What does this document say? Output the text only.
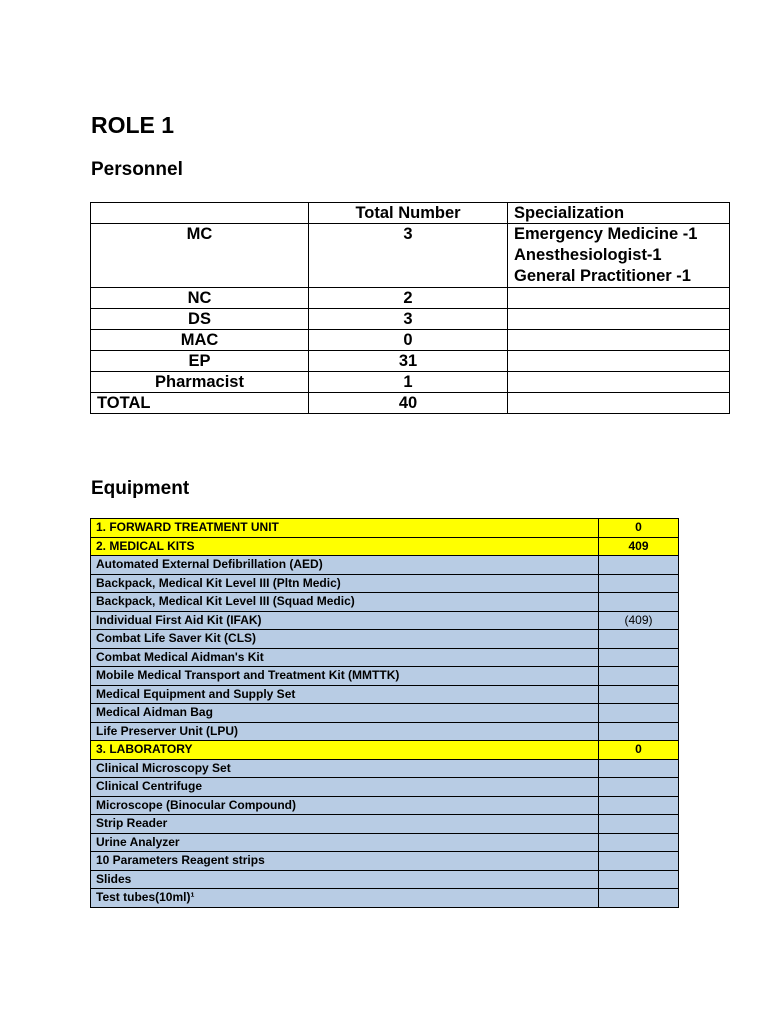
ROLE 1
Personnel
	Total Number	Specialization
MC	3	Emergency Medicine -1
Anesthesiologist-1
General Practitioner -1

NC	2	
DS	3	
MAC	0	
EP	31	
Pharmacist	1	
TOTAL	40	
Equipment
1. FORWARD TREATMENT UNIT	0
2. MEDICAL KITS	409
Automated External Defibrillation (AED)	
Backpack, Medical Kit Level III (Pltn Medic)	
Backpack, Medical Kit Level III (Squad Medic)	
Individual First Aid Kit (IFAK)	(409)
Combat Life Saver Kit (CLS)	
Combat Medical Aidman's Kit	
Mobile Medical Transport and Treatment Kit (MMTTK)	
Medical Equipment and Supply Set	
Medical Aidman Bag	
Life Preserver Unit (LPU)	
3. LABORATORY	0
Clinical Microscopy Set	
Clinical Centrifuge	
Microscope (Binocular Compound)	
Strip Reader	
Urine Analyzer	
10 Parameters Reagent strips	
Slides	
Test tubes(10ml)¹	
